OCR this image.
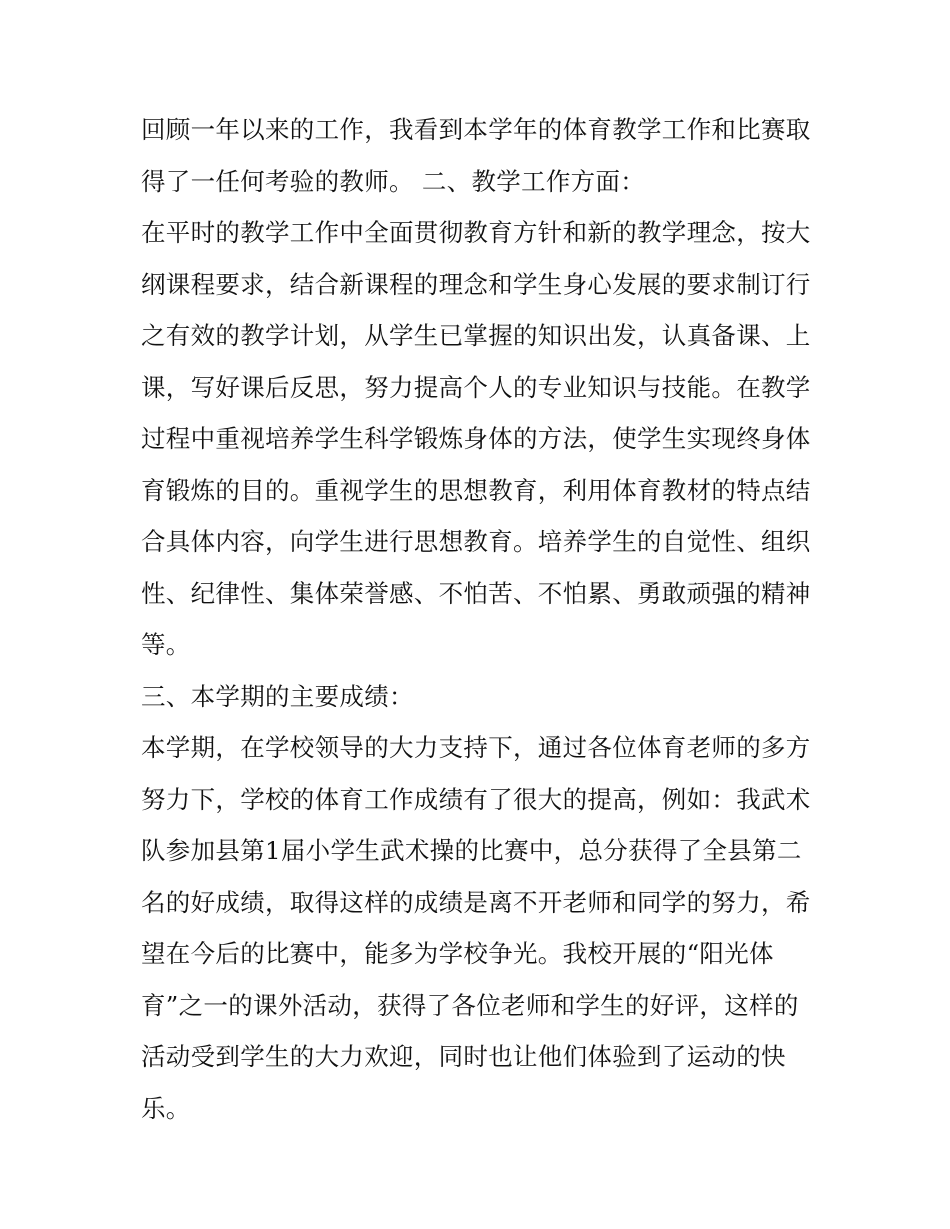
回顾一年以来的工作，我看到本学年的体育教学工作和比赛取
得了一任何考验的教师。 二、教学工作方面：
在平时的教学工作中全面贯彻教育方针和新的教学理念，按大
纲课程要求，结合新课程的理念和学生身心发展的要求制订行
之有效的教学计划，从学生已掌握的知识出发，认真备课、上
课，写好课后反思，努力提高个人的专业知识与技能。在教学
过程中重视培养学生科学锻炼身体的方法，使学生实现终身体
育锻炼的目的。重视学生的思想教育，利用体育教材的特点结
合具体内容，向学生进行思想教育。培养学生的自觉性、组织
性、纪律性、集体荣誉感、不怕苦、不怕累、勇敢顽强的精神
等。
三、本学期的主要成绩：
本学期，在学校领导的大力支持下，通过各位体育老师的多方
努力下，学校的体育工作成绩有了很大的提高，例如：我武术
队参加县第1届小学生武术操的比赛中，总分获得了全县第二
名的好成绩，取得这样的成绩是离不开老师和同学的努力，希
望在今后的比赛中，能多为学校争光。我校开展的“阳光体
育”之一的课外活动，获得了各位老师和学生的好评，这样的
活动受到学生的大力欢迎，同时也让他们体验到了运动的快
乐。
